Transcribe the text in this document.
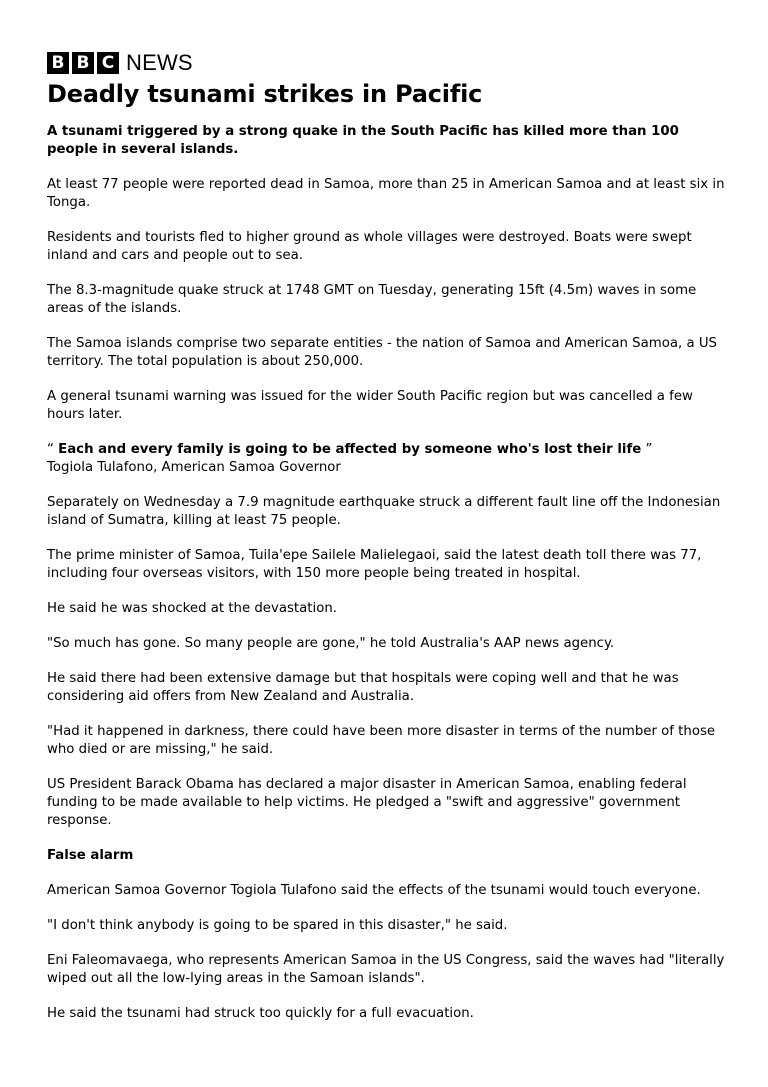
B B C NEWS
Deadly tsunami strikes in Pacific
A tsunami triggered by a strong quake in the South Pacific has killed more than 100 people in several islands.

At least 77 people were reported dead in Samoa, more than 25 in American Samoa and at least six in Tonga.

Residents and tourists fled to higher ground as whole villages were destroyed. Boats were swept inland and cars and people out to sea.

The 8.3-magnitude quake struck at 1748 GMT on Tuesday, generating 15ft (4.5m) waves in some areas of the islands.

The Samoa islands comprise two separate entities - the nation of Samoa and American Samoa, a US territory. The total population is about 250,000.

A general tsunami warning was issued for the wider South Pacific region but was cancelled a few hours later.

“ Each and every family is going to be affected by someone who's lost their life ”
Togiola Tulafono, American Samoa Governor

Separately on Wednesday a 7.9 magnitude earthquake struck a different fault line off the Indonesian island of Sumatra, killing at least 75 people.

The prime minister of Samoa, Tuila'epe Sailele Malielegaoi, said the latest death toll there was 77, including four overseas visitors, with 150 more people being treated in hospital.

He said he was shocked at the devastation.

"So much has gone. So many people are gone," he told Australia's AAP news agency.

He said there had been extensive damage but that hospitals were coping well and that he was considering aid offers from New Zealand and Australia.

"Had it happened in darkness, there could have been more disaster in terms of the number of those who died or are missing," he said.

US President Barack Obama has declared a major disaster in American Samoa, enabling federal funding to be made available to help victims. He pledged a "swift and aggressive" government response.

False alarm

American Samoa Governor Togiola Tulafono said the effects of the tsunami would touch everyone.

"I don't think anybody is going to be spared in this disaster," he said.

Eni Faleomavaega, who represents American Samoa in the US Congress, said the waves had "literally wiped out all the low-lying areas in the Samoan islands".

He said the tsunami had struck too quickly for a full evacuation.
